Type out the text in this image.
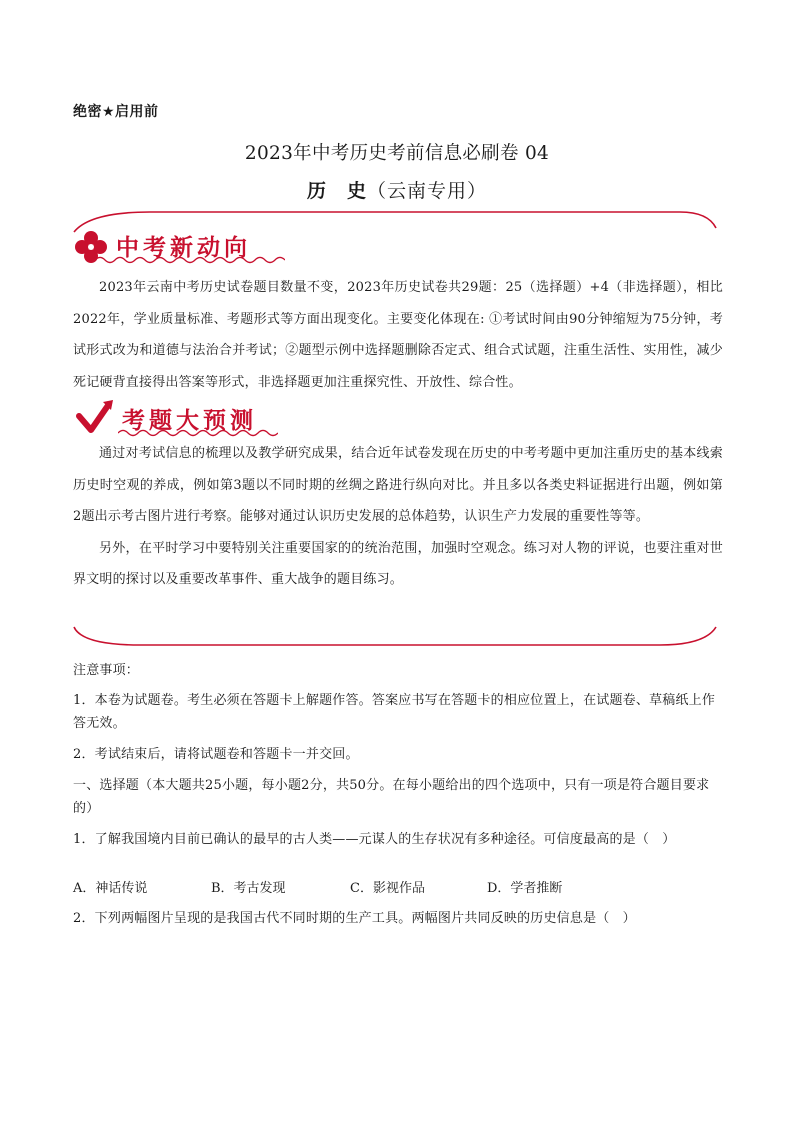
绝密★启用前
2023年中考历史考前信息必刷卷 04
历　史（云南专用）
中考新动向

2023年云南中考历史试卷题目数量不变，2023年历史试卷共29题：25（选择题）+4（非选择题），相比2022年，学业质量标准、考题形式等方面出现变化。主要变化体现在: ①考试时间由90分钟缩短为75分钟，考试形式改为和道德与法治合并考试；②题型示例中选择题删除否定式、组合式试题，注重生活性、实用性，减少死记硬背直接得出答案等形式，非选择题更加注重探究性、开放性、综合性。

考题大预测

通过对考试信息的梳理以及教学研究成果，结合近年试卷发现在历史的中考考题中更加注重历史的基本线索历史时空观的养成，例如第3题以不同时期的丝绸之路进行纵向对比。并且多以各类史料证据进行出题，例如第2题出示考古图片进行考察。能够对通过认识历史发展的总体趋势，认识生产力发展的重要性等等。

另外，在平时学习中要特别关注重要国家的的统治范围，加强时空观念。练习对人物的评说，也要注重对世界文明的探讨以及重要改革事件、重大战争的题目练习。

注意事项：
1．本卷为试题卷。考生必须在答题卡上解题作答。答案应书写在答题卡的相应位置上，在试题卷、草稿纸上作答无效。
2．考试结束后，请将试题卷和答题卡一并交回。
一、选择题（本大题共25小题，每小题2分，共50分。在每小题给出的四个选项中，只有一项是符合题目要求的）
1．了解我国境内目前已确认的最早的古人类——元谋人的生存状况有多种途径。可信度最高的是（　）
A．神话传说	B．考古发现	C．影视作品	D．学者推断
2．下列两幅图片呈现的是我国古代不同时期的生产工具。两幅图片共同反映的历史信息是（　）
